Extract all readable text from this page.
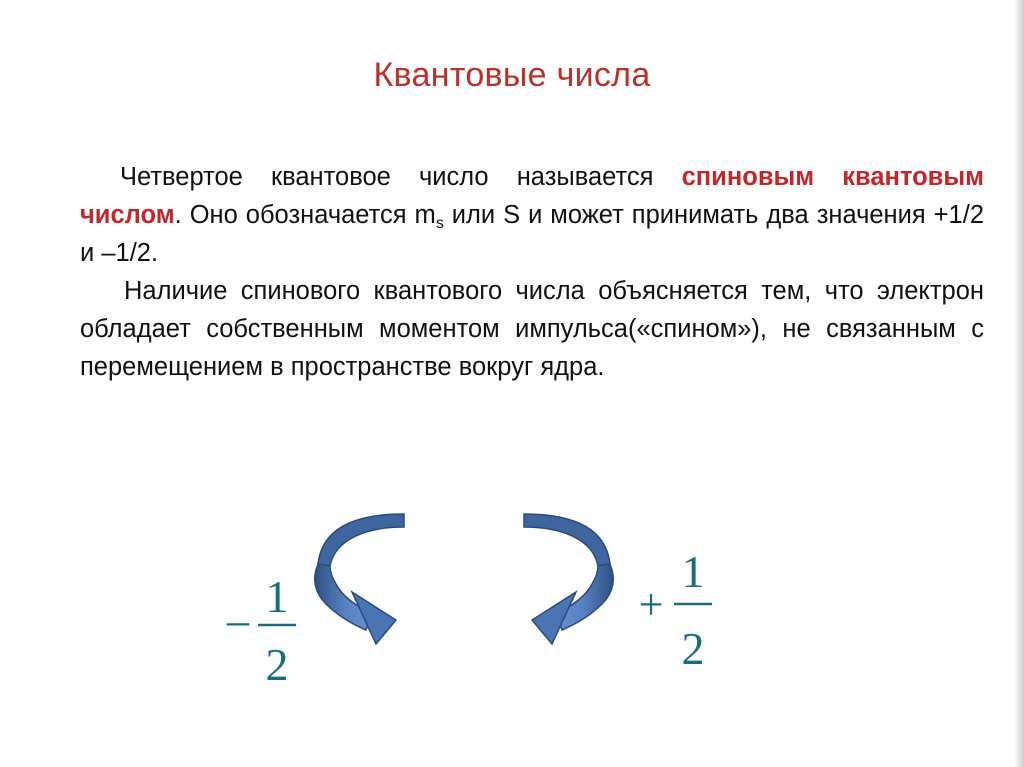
Квантовые числа

Четвертое квантовое число называется спиновым квантовым числом. Оно обозначается $m_s$ или S и может принимать два значения +1/2 и –1/2.

Наличие спинового квантового числа объясняется тем, что электрон обладает собственным моментом импульса(«спином»), не связанным с перемещением в пространстве вокруг ядра.

– 1
2
+
1
2
